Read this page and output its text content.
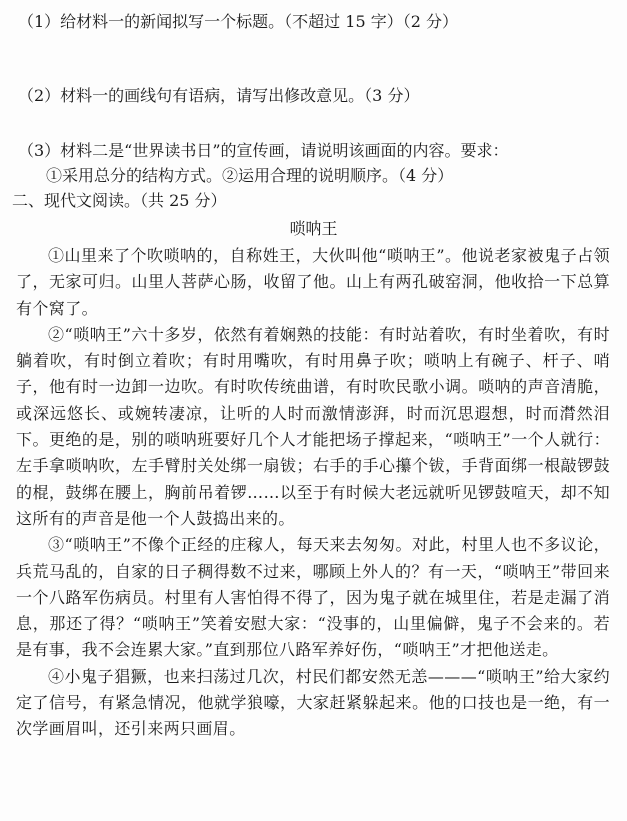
（1）给材料一的新闻拟写一个标题。（不超过 15 字）（2 分）
（2）材料一的画线句有语病，请写出修改意见。（3 分）
（3）材料二是“世界读书日”的宣传画，请说明该画面的内容。要求：
①采用总分的结构方式。②运用合理的说明顺序。（4 分）
二、现代文阅读。（共 25 分）
唢呐王

①山里来了个吹唢呐的，自称姓王，大伙叫他“唢呐王”。他说老家被鬼子占领了，无家可归。山里人菩萨心肠，收留了他。山上有两孔破窑洞，他收拾一下总算有个窝了。

②“唢呐王”六十多岁，依然有着娴熟的技能：有时站着吹，有时坐着吹，有时躺着吹，有时倒立着吹；有时用嘴吹，有时用鼻子吹；唢呐上有碗子、杆子、哨子，他有时一边卸一边吹。有时吹传统曲谱，有时吹民歌小调。唢呐的声音清脆，或深远悠长、或婉转凄凉，让听的人时而激情澎湃，时而沉思遐想，时而潸然泪下。更绝的是，别的唢呐班要好几个人才能把场子撑起来，“唢呐王”一个人就行：左手拿唢呐吹，左手臂肘关处绑一扇钹；右手的手心攥个钹，手背面绑一根敲锣鼓的棍，鼓绑在腰上，胸前吊着锣……以至于有时候大老远就听见锣鼓喧天，却不知这所有的声音是他一个人鼓捣出来的。

③“唢呐王”不像个正经的庄稼人，每天来去匆匆。对此，村里人也不多议论，兵荒马乱的，自家的日子稠得数不过来，哪顾上外人的？有一天，“唢呐王”带回来一个八路军伤病员。村里有人害怕得不得了，因为鬼子就在城里住，若是走漏了消息，那还了得？“唢呐王”笑着安慰大家：“没事的，山里偏僻，鬼子不会来的。若是有事，我不会连累大家。”直到那位八路军养好伤，“唢呐王”才把他送走。

④小鬼子猖獗，也来扫荡过几次，村民们都安然无恙———“唢呐王”给大家约定了信号，有紧急情况，他就学狼嚎，大家赶紧躲起来。他的口技也是一绝，有一次学画眉叫，还引来两只画眉。
